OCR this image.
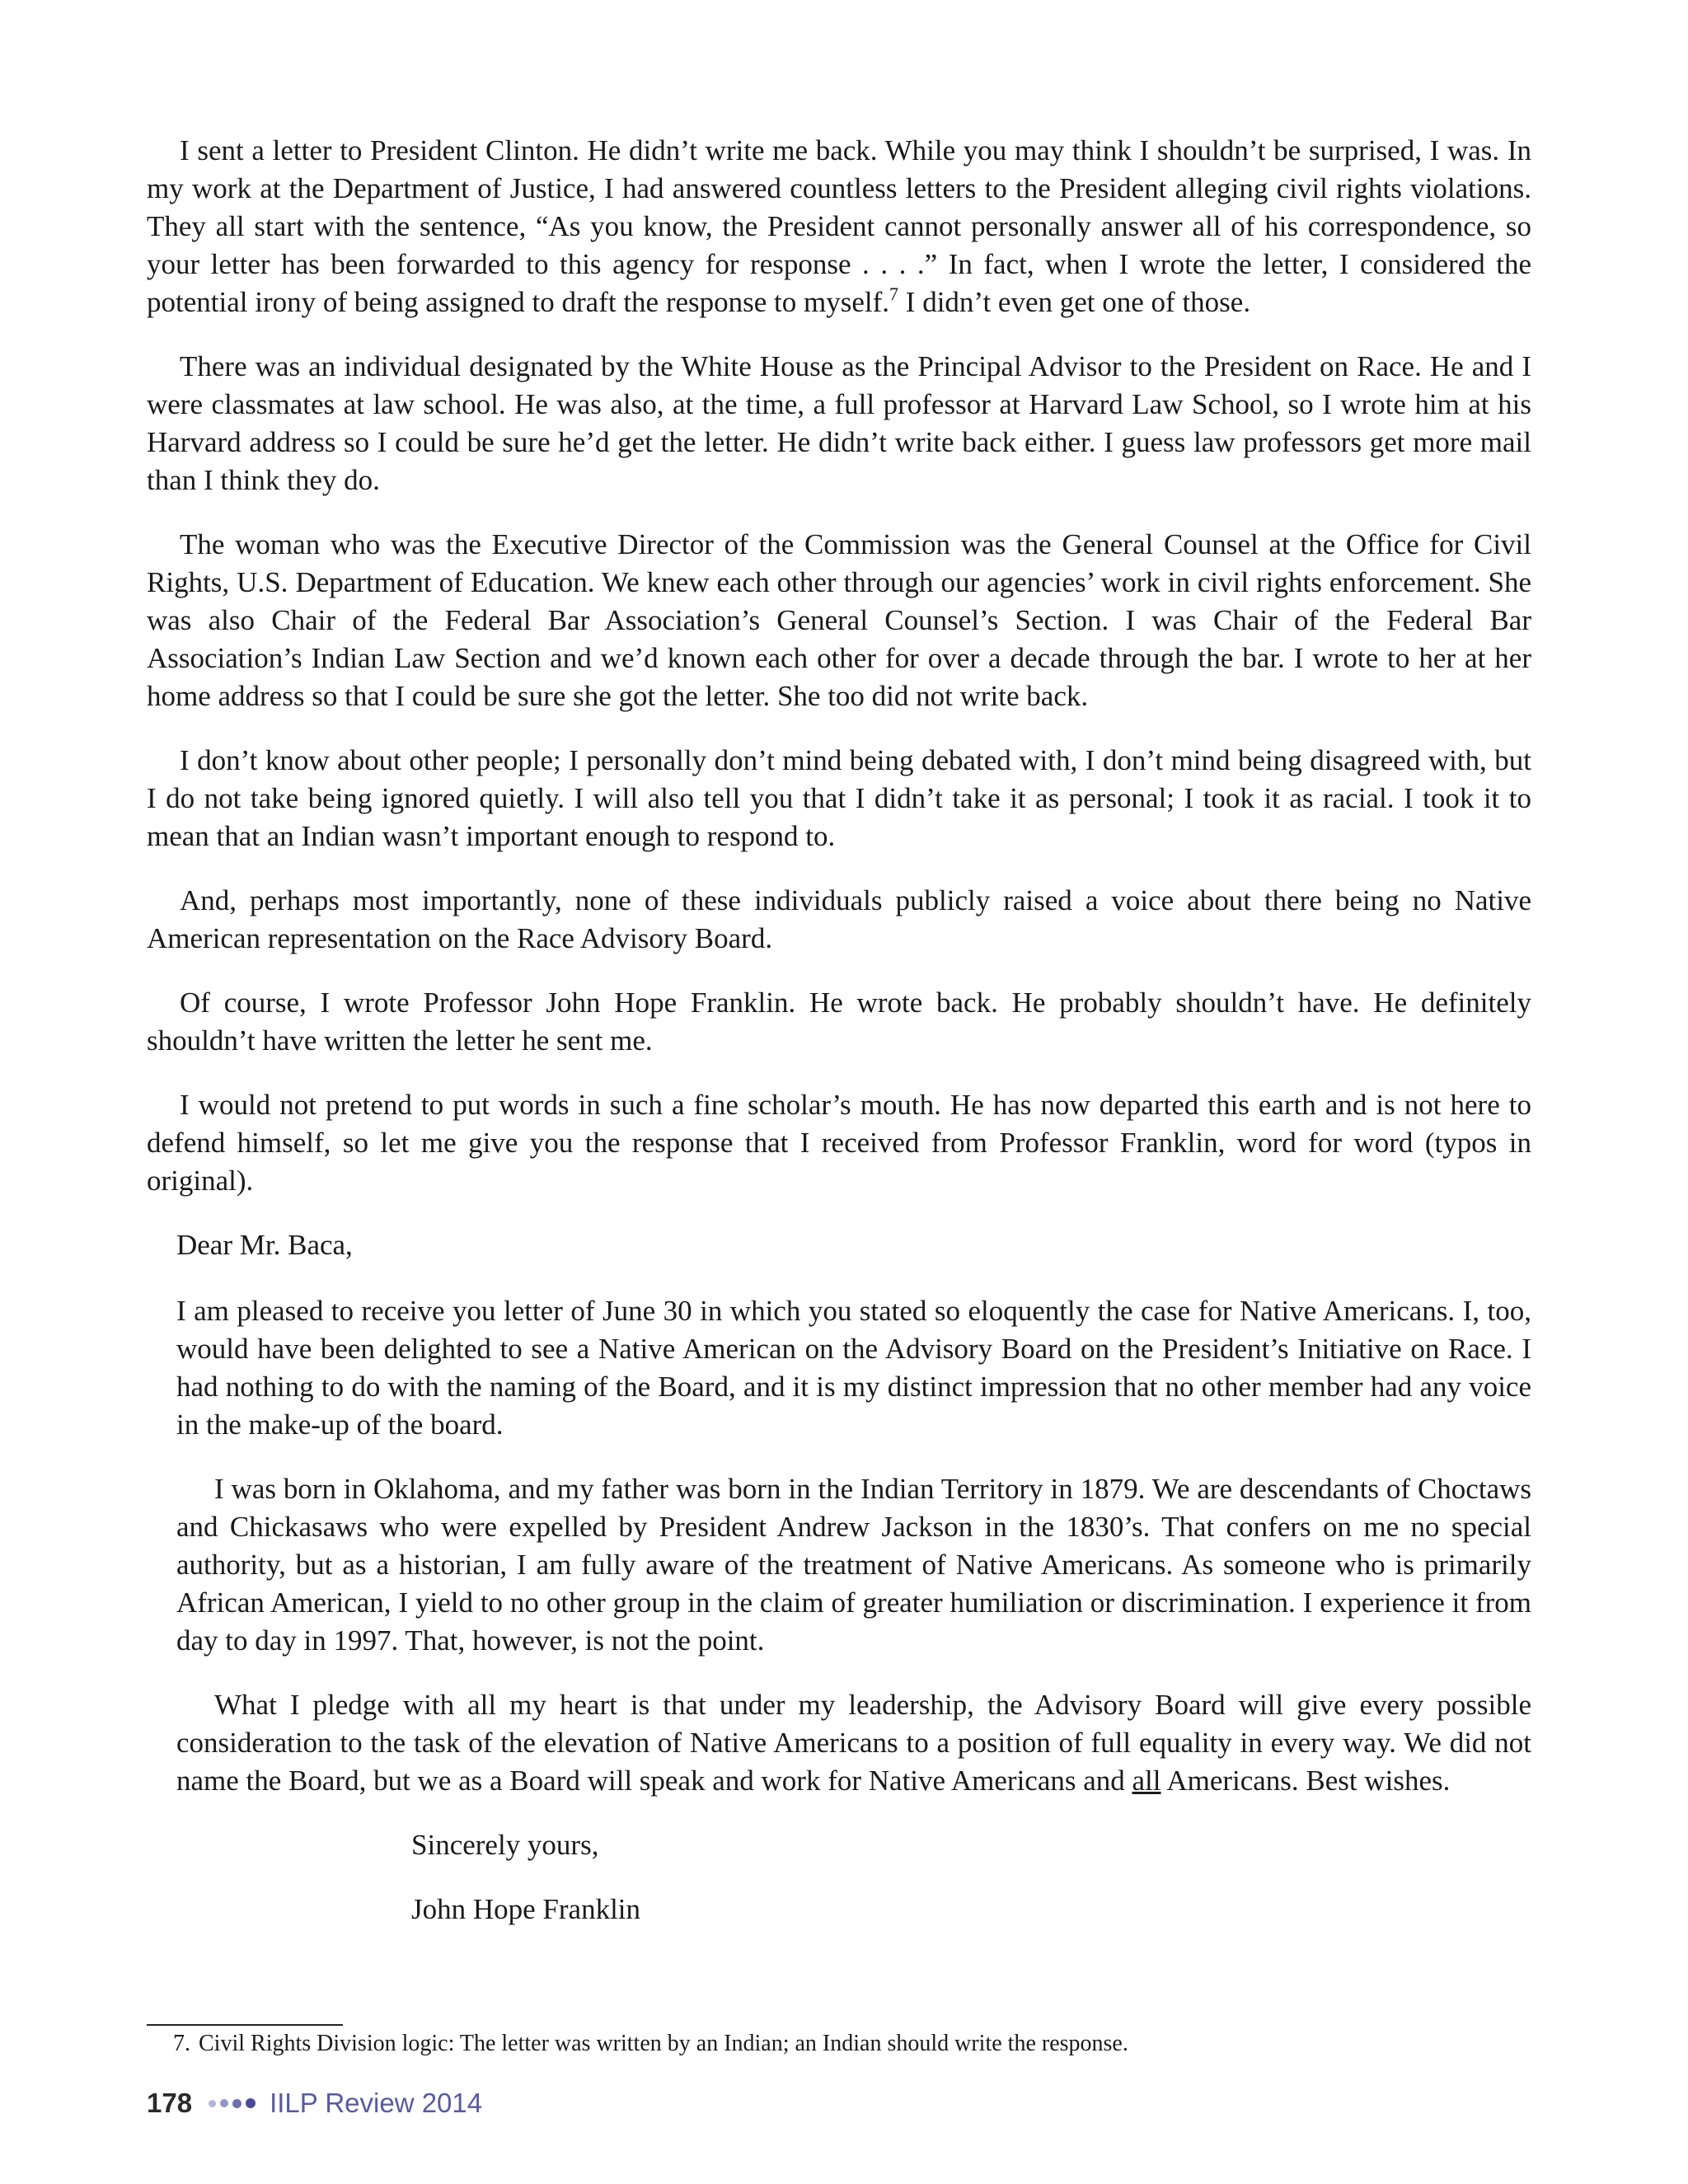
I sent a letter to President Clinton. He didn’t write me back. While you may think I shouldn’t be surprised, I was. In my work at the Department of Justice, I had answered countless letters to the President alleging civil rights violations. They all start with the sentence, “As you know, the President cannot personally answer all of his correspondence, so your letter has been forwarded to this agency for response . . . .” In fact, when I wrote the letter, I considered the potential irony of being assigned to draft the response to myself.$^7$ I didn’t even get one of those.

There was an individual designated by the White House as the Principal Advisor to the President on Race. He and I were classmates at law school. He was also, at the time, a full professor at Harvard Law School, so I wrote him at his Harvard address so I could be sure he’d get the letter. He didn’t write back either. I guess law professors get more mail than I think they do.

The woman who was the Executive Director of the Commission was the General Counsel at the Office for Civil Rights, U.S. Department of Education. We knew each other through our agencies’ work in civil rights enforcement. She was also Chair of the Federal Bar Association’s General Counsel’s Section. I was Chair of the Federal Bar Association’s Indian Law Section and we’d known each other for over a decade through the bar. I wrote to her at her home address so that I could be sure she got the letter. She too did not write back.

I don’t know about other people; I personally don’t mind being debated with, I don’t mind being disagreed with, but I do not take being ignored quietly. I will also tell you that I didn’t take it as personal; I took it as racial. I took it to mean that an Indian wasn’t important enough to respond to.

And, perhaps most importantly, none of these individuals publicly raised a voice about there being no Native American representation on the Race Advisory Board.

Of course, I wrote Professor John Hope Franklin. He wrote back. He probably shouldn’t have. He definitely shouldn’t have written the letter he sent me.

I would not pretend to put words in such a fine scholar’s mouth. He has now departed this earth and is not here to defend himself, so let me give you the response that I received from Professor Franklin, word for word (typos in original).

Dear Mr. Baca,

I am pleased to receive you letter of June 30 in which you stated so eloquently the case for Native Americans. I, too, would have been delighted to see a Native American on the Advisory Board on the President’s Initiative on Race. I had nothing to do with the naming of the Board, and it is my distinct impression that no other member had any voice in the make-up of the board.

I was born in Oklahoma, and my father was born in the Indian Territory in 1879. We are descendants of Choctaws and Chickasaws who were expelled by President Andrew Jackson in the 1830’s. That confers on me no special authority, but as a historian, I am fully aware of the treatment of Native Americans. As someone who is primarily African American, I yield to no other group in the claim of greater humiliation or discrimination. I experience it from day to day in 1997. That, however, is not the point.

What I pledge with all my heart is that under my leadership, the Advisory Board will give every possible consideration to the task of the elevation of Native Americans to a position of full equality in every way. We did not name the Board, but we as a Board will speak and work for Native Americans and all Americans. Best wishes.

Sincerely yours,

John Hope Franklin

7. Civil Rights Division logic: The letter was written by an Indian; an Indian should write the response.
178	IILP Review 2014
